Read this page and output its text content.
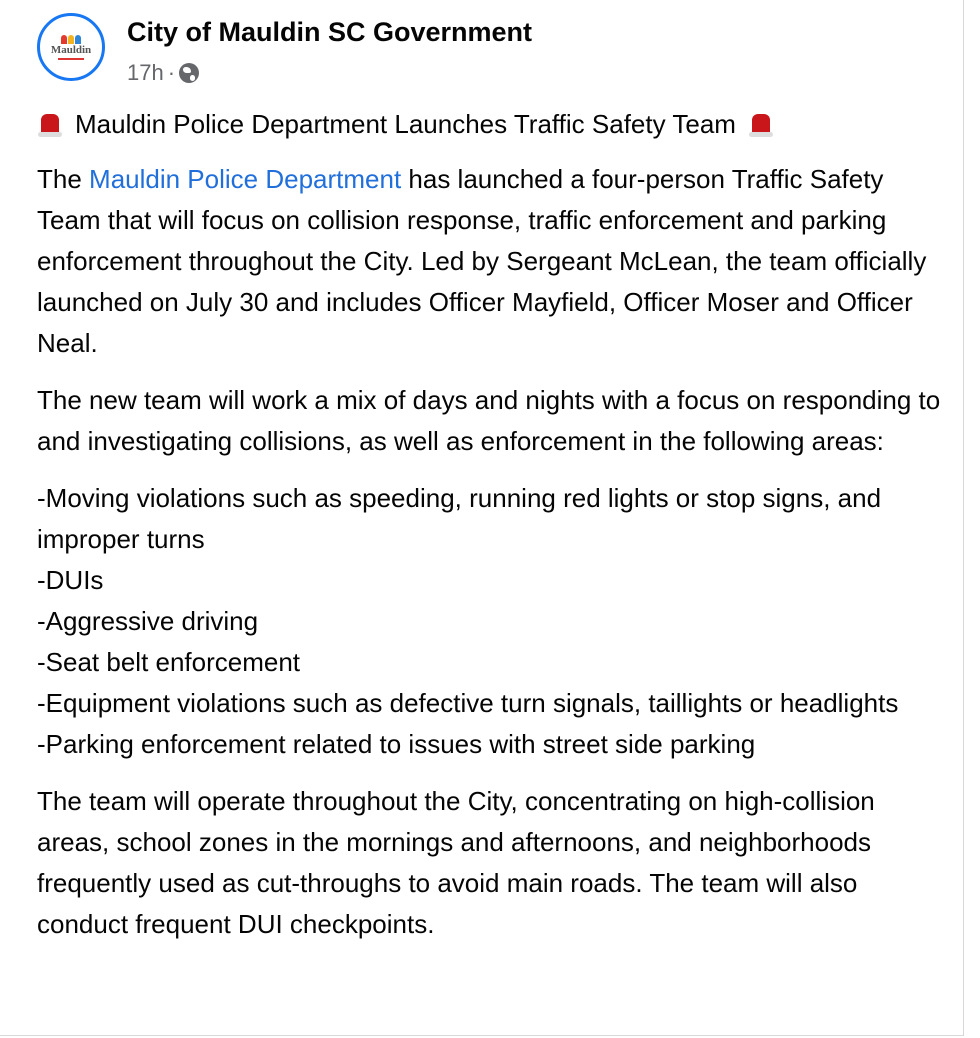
Mauldin
City of Mauldin SC Government
17h ·
Mauldin Police Department Launches Traffic Safety Team

The Mauldin Police Department has launched a four-person Traffic Safety Team that will focus on collision response, traffic enforcement and parking enforcement throughout the City. Led by Sergeant McLean, the team officially launched on July 30 and includes Officer Mayfield, Officer Moser and Officer Neal.

The new team will work a mix of days and nights with a focus on responding to and investigating collisions, as well as enforcement in the following areas:

-Moving violations such as speeding, running red lights or stop signs, and improper turns
-DUIs
-Aggressive driving
-Seat belt enforcement
-Equipment violations such as defective turn signals, taillights or headlights
-Parking enforcement related to issues with street side parking

The team will operate throughout the City, concentrating on high-collision areas, school zones in the mornings and afternoons, and neighborhoods frequently used as cut-throughs to avoid main roads. The team will also conduct frequent DUI checkpoints.
